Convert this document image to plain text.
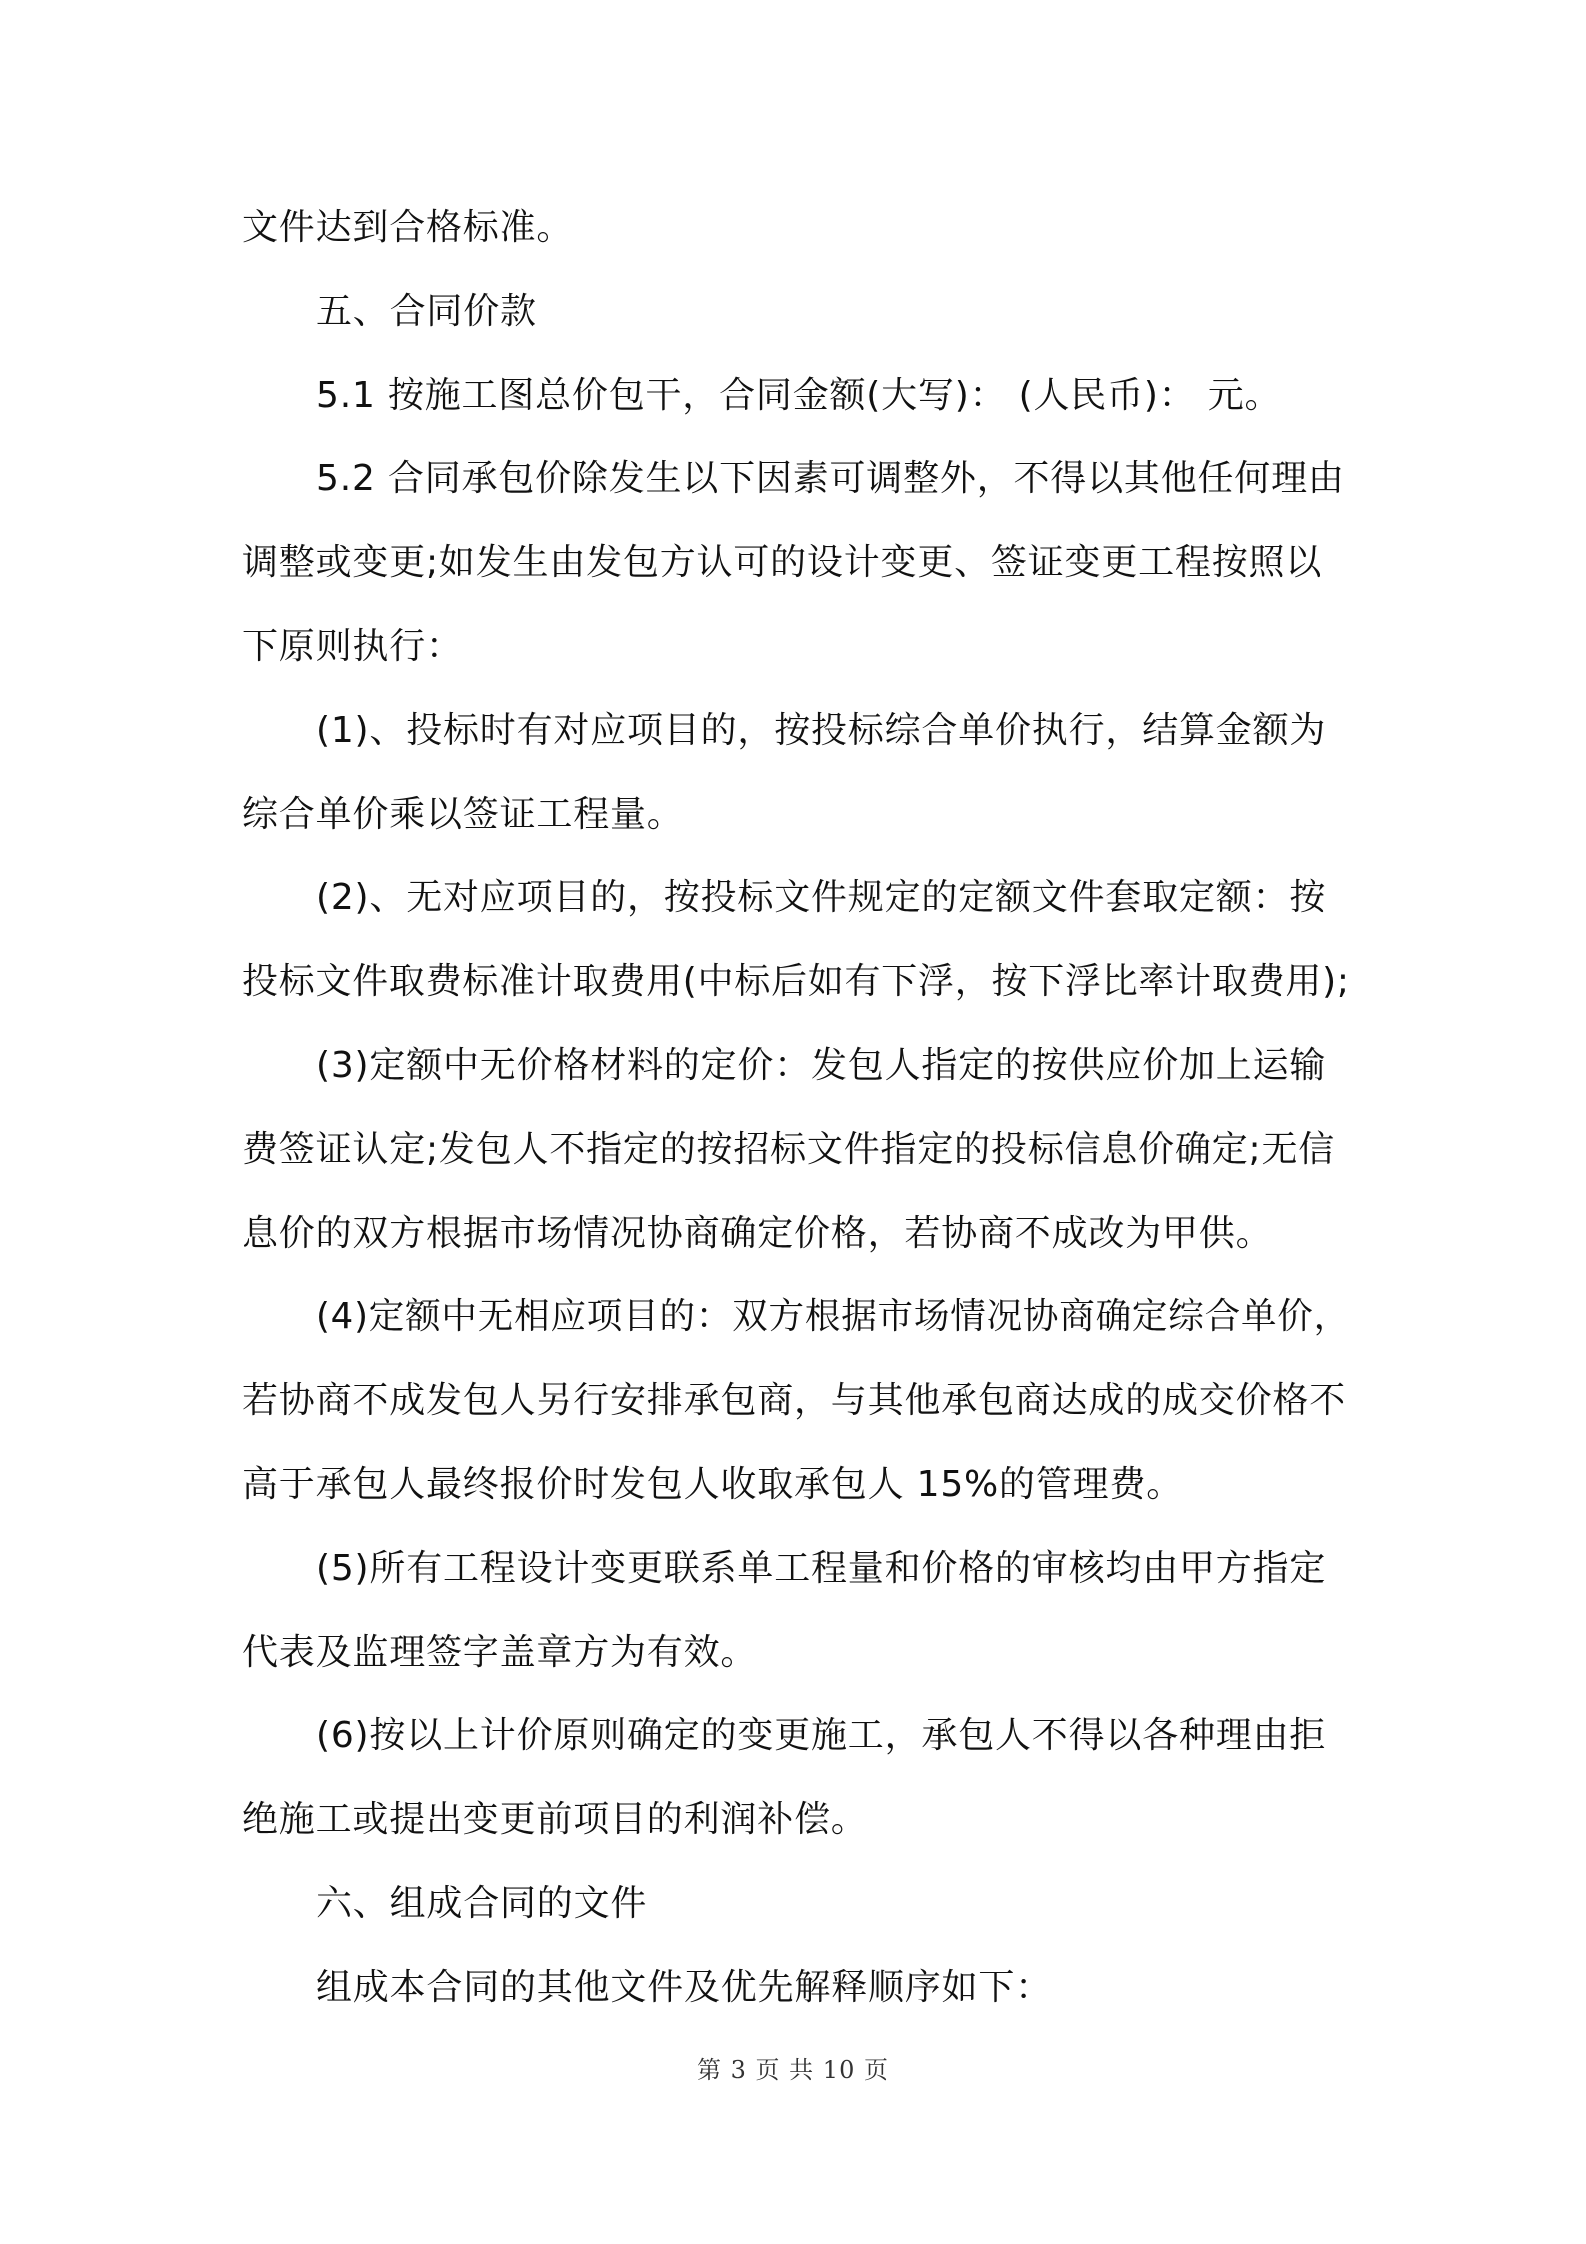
文件达到合格标准。
五、合同价款
5.1 按施工图总价包干，合同金额(大写)： (人民币)： 元。
5.2 合同承包价除发生以下因素可调整外，不得以其他任何理由
调整或变更;如发生由发包方认可的设计变更、签证变更工程按照以
下原则执行：
(1)、投标时有对应项目的，按投标综合单价执行，结算金额为
综合单价乘以签证工程量。
(2)、无对应项目的，按投标文件规定的定额文件套取定额：按
投标文件取费标准计取费用(中标后如有下浮，按下浮比率计取费用);
(3)定额中无价格材料的定价：发包人指定的按供应价加上运输
费签证认定;发包人不指定的按招标文件指定的投标信息价确定;无信
息价的双方根据市场情况协商确定价格，若协商不成改为甲供。
(4)定额中无相应项目的：双方根据市场情况协商确定综合单价，
若协商不成发包人另行安排承包商，与其他承包商达成的成交价格不
高于承包人最终报价时发包人收取承包人 15%的管理费。
(5)所有工程设计变更联系单工程量和价格的审核均由甲方指定
代表及监理签字盖章方为有效。
(6)按以上计价原则确定的变更施工，承包人不得以各种理由拒
绝施工或提出变更前项目的利润补偿。
六、组成合同的文件
组成本合同的其他文件及优先解释顺序如下：
第 3 页 共 10 页
